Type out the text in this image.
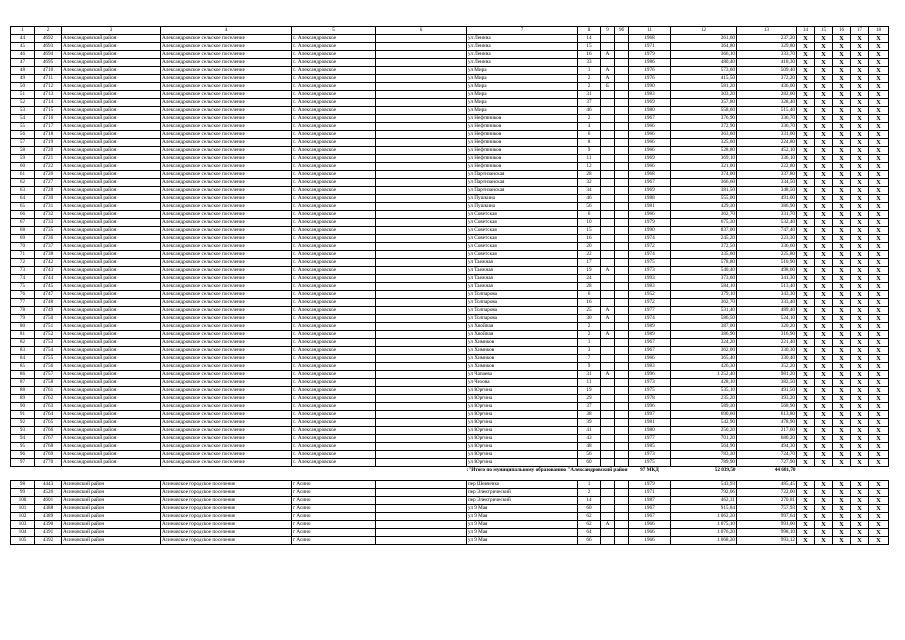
1	2	3	4	5	6	7	8	9	9б	11	12	13	14	15	16	17	18
44	4692	Александровский район	Александровское сельское поселение	с. Александровское		ул Ленина	14			1968	261,60	237,20	X	X	X	X	X
45	4693	Александровский район	Александровское сельское поселение	с. Александровское		ул Ленина	15			1971	364,80	329,80	X	X	X	X	X
46	4694	Александровский район	Александровское сельское поселение	с. Александровское		ул Ленина	16	А		1979	366,10	333,70	X	X	X	X	X
47	4695	Александровский район	Александровское сельское поселение	с. Александровское		ул Ленина	33			1986	480,40	418,30	X	X	X	X	X
48	4710	Александровский район	Александровское сельское поселение	с. Александровское		ул Мира	1	А		1976	573,60	509,40	X	X	X	X	X
49	4711	Александровский район	Александровское сельское поселение	с. Александровское		ул Мира	2	А		1976	415,50	372,20	X	X	X	X	X
50	4712	Александровский район	Александровское сельское поселение	с. Александровское		ул Мира	2	Б		1990	581,20	436,00	X	X	X	X	X
51	4713	Александровский район	Александровское сельское поселение	с. Александровское		ул Мира	31			1983	303,20	282,00	X	X	X	X	X
52	4714	Александровский район	Александровское сельское поселение	с. Александровское		ул Мира	37			1969	357,80	328,40	X	X	X	X	X
53	4715	Александровский район	Александровское сельское поселение	с. Александровское		ул Мира	46			1980	558,60	515,40	X	X	X	X	X
54	4716	Александровский район	Александровское сельское поселение	с. Александровское		ул Нефтяников	2			1967	376,90	336,70	X	X	X	X	X
55	4717	Александровский район	Александровское сельское поселение	с. Александровское		ул Нефтяников	4			1966	372,90	336,70	X	X	X	X	X
56	4718	Александровский район	Александровское сельское поселение	с. Александровское		ул Нефтяников	6			1966	363,60	331,00	X	X	X	X	X
57	4719	Александровский район	Александровское сельское поселение	с. Александровское		ул Нефтяников	8			1966	325,60	224,80	X	X	X	X	X
58	4720	Александровский район	Александровское сельское поселение	с. Александровское		ул Нефтяников	9			1966	528,80	452,10	X	X	X	X	X
59	4721	Александровский район	Александровское сельское поселение	с. Александровское		ул Нефтяников	11			1969	369,10	336,10	X	X	X	X	X
60	4722	Александровский район	Александровское сельское поселение	с. Александровское		ул Нефтяников	12			1966	321,00	222,80	X	X	X	X	X
61	4726	Александровский район	Александровское сельское поселение	с. Александровское		ул Партизанская	28			1968	374,00	337,80	X	X	X	X	X
62	4727	Александровский район	Александровское сельское поселение	с. Александровское		ул Партизанская	32			1967	366,60	334,50	X	X	X	X	X
63	4728	Александровский район	Александровское сельское поселение	с. Александровское		ул Партизанская	34			1969	381,50	348,50	X	X	X	X	X
64	4730	Александровский район	Александровское сельское поселение	с. Александровское		ул Пушкина	46			1988	555,00	491,00	X	X	X	X	X
65	4731	Александровский район	Александровское сельское поселение	с. Александровское		ул Пушкина	56			1981	429,30	386,90	X	X	X	X	X
66	4732	Александровский район	Александровское сельское поселение	с. Александровское		ул Советская	6			1966	362,70	331,70	X	X	X	X	X
67	4733	Александровский район	Александровское сельское поселение	с. Александровское		ул Советская	10			1979	675,30	532,40	X	X	X	X	X
68	4735	Александровский район	Александровское сельское поселение	с. Александровское		ул Советская	15			1990	837,00	747,40	X	X	X	X	X
69	4736	Александровский район	Александровское сельское поселение	с. Александровское		ул Советская	16			1974	245,20	223,30	X	X	X	X	X
70	4737	Александровский район	Александровское сельское поселение	с. Александровское		ул Советская	20			1972	372,50	336,60	X	X	X	X	X
71	4738	Александровский район	Александровское сельское поселение	с. Александровское		ул Советская	22			1974	335,60	225,80	X	X	X	X	X
72	4742	Александровский район	Александровское сельское поселение	с. Александровское		ул Таежная	17			1975	578,80	510,90	X	X	X	X	X
73	4743	Александровский район	Александровское сельское поселение	с. Александровское		ул Таежная	19	А		1973	540,40	498,00	X	X	X	X	X
74	4744	Александровский район	Александровское сельское поселение	с. Александровское		ул Таежная	24			1993	373,60	341,30	X	X	X	X	X
75	4745	Александровский район	Александровское сельское поселение	с. Александровское		ул Таежная	28			1983	584,10	513,40	X	X	X	X	X
76	4747	Александровский район	Александровское сельское поселение	с. Александровское		ул Толпарова	6			1952	379,10	343,30	X	X	X	X	X
77	4748	Александровский район	Александровское сельское поселение	с. Александровское		ул Толпарова	16			1972	362,70	333,40	X	X	X	X	X
78	4749	Александровский район	Александровское сельское поселение	с. Александровское		ул Толпарова	25	А		1977	531,40	489,40	X	X	X	X	X
79	4750	Александровский район	Александровское сельское поселение	с. Александровское		ул Толпарова	30	А		1974	586,50	524,10	X	X	X	X	X
80	4751	Александровский район	Александровское сельское поселение	с. Александровское		ул Хвойная	2			1989	387,00	320,20	X	X	X	X	X
81	4752	Александровский район	Александровское сельское поселение	с. Александровское		ул Хвойная	2	А		1989	386,90	316,90	X	X	X	X	X
82	4753	Александровский район	Александровское сельское поселение	с. Александровское		ул Химиков	1			1967	324,20	221,40	X	X	X	X	X
83	4754	Александровский район	Александровское сельское поселение	с. Александровское		ул Химиков	3			1967	362,00	330,30	X	X	X	X	X
84	4755	Александровский район	Александровское сельское поселение	с. Александровское		ул Химиков	7			1966	365,40	330,40	X	X	X	X	X
85	4756	Александровский район	Александровское сельское поселение	с. Александровское		ул Химиков	9			1983	426,30	352,20	X	X	X	X	X
86	4757	Александровский район	Александровское сельское поселение	с. Александровское		ул Чапаева	31	А		1996	1 252,40	981,20	X	X	X	X	X
87	4758	Александровский район	Александровское сельское поселение	с. Александровское		ул Чехова	11			1973	428,10	382,50	X	X	X	X	X
88	4761	Александровский район	Александровское сельское поселение	с. Александровское		ул Юргина	19			1975	535,10	491,50	X	X	X	X	X
89	4762	Александровский район	Александровское сельское поселение	с. Александровское		ул Юргина	29			1978	235,20	393,20	X	X	X	X	X
90	4763	Александровский район	Александровское сельское поселение	с. Александровское		ул Юргина	37			1996	589,30	568,90	X	X	X	X	X
91	4764	Александровский район	Александровское сельское поселение	с. Александровское		ул Юргина	38			1997	690,60	613,80	X	X	X	X	X
92	4765	Александровский район	Александровское сельское поселение	с. Александровское		ул Юргина	39			1981	542,90	478,90	X	X	X	X	X
93	4766	Александровский район	Александровское сельское поселение	с. Александровское		ул Юргина	41			1980	250,20	217,60	X	X	X	X	X
94	4767	Александровский район	Александровское сельское поселение	с. Александровское		ул Юргина	43			1977	701,20	680,20	X	X	X	X	X
95	4768	Александровский район	Александровское сельское поселение	с. Александровское		ул Юргина	48			1985	564,90	494,30	X	X	X	X	X
96	4769	Александровский район	Александровское сельское поселение	с. Александровское		ул Юргина	56			1973	783,30	724,70	X	X	X	X	X
97	4770	Александровский район	Александровское сельское поселение	с. Александровское		ул Юргина	60			1975	789,90	727,90	X	X	X	X	X
						Итого по муниципальному образованию "Александровский район":				97 МКД	52 039,50	44 681,70					

98	4443	Асиновский район	Асиновское городское поселение	г Асино		пер Шевченко	1			1979	543,93	485,45	X	X	X	X	X
99	4526	Асиновский район	Асиновское городское поселение	г Асино		пер Электрический	2			1971	792,06	722,00	X	X	X	X	X
100	4601	Асиновский район	Асиновское городское поселение	г Асино		пер Электрический	14			1987	462,31	270,81	X	X	X	X	X
101	4388	Асиновский район	Асиновское городское поселение	г Асино		ул 9 Мая	60			1967	915,84	757,93	X	X	X	X	X
102	4389	Асиновский район	Асиновское городское поселение	г Асино		ул 9 Мая	62			1967	1 062,20	997,64	X	X	X	X	X
103	4390	Асиновский район	Асиновское городское поселение	г Асино		ул 9 Мая	62	А		1966	1 075,10	991,00	X	X	X	X	X
104	4391	Асиновский район	Асиновское городское поселение	г Асино		ул 9 Мая	64			1966	1 076,20	998,10	X	X	X	X	X
105	4392	Асиновский район	Асиновское городское поселение	г Асино		ул 9 Мая	66			1966	1 068,20	993,12	X	X	X	X	X
